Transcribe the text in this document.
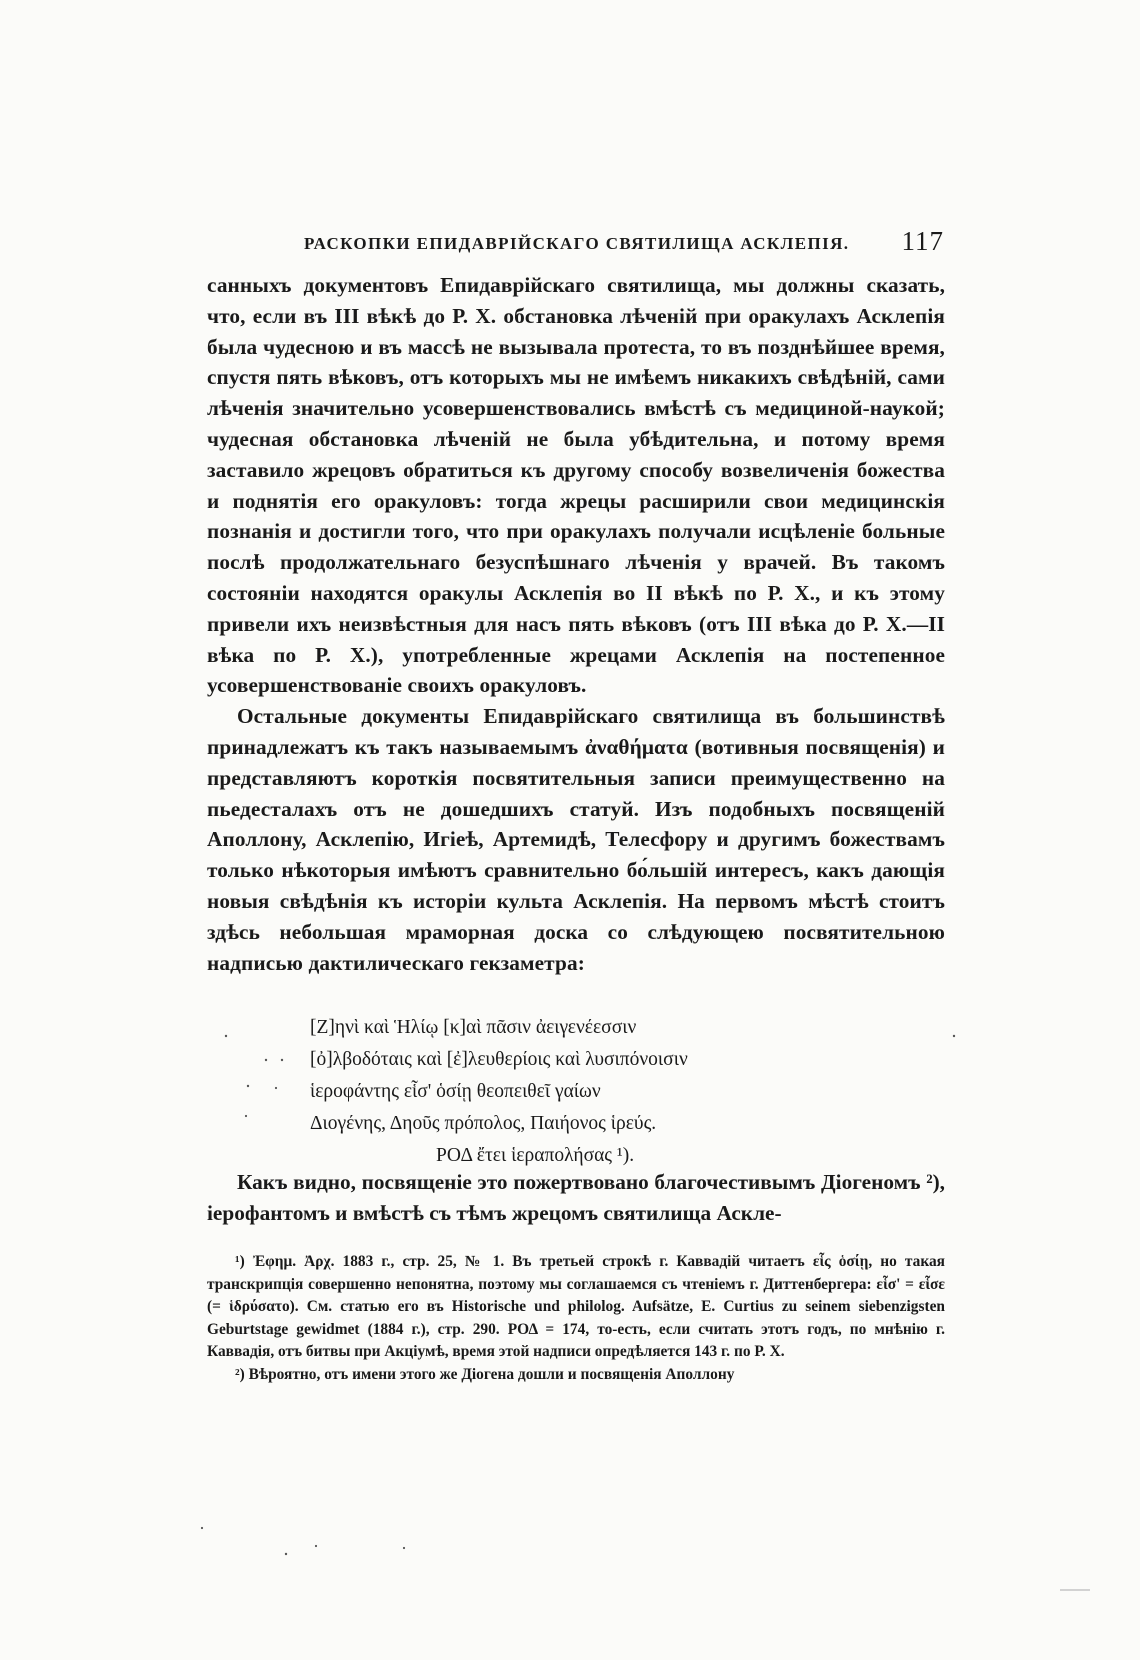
РАСКОПКИ ЕПИДАВРІЙСКАГО СВЯТИЛИЩА АСКЛЕПІЯ. 117

санныхъ документовъ Епидаврійскаго святилища, мы должны сказать, что, если въ III вѣкѣ до Р. X. обстановка лѣченій при оракулахъ Асклепія была чудесною и въ массѣ не вызывала протеста, то въ позднѣйшее время, спустя пять вѣковъ, отъ которыхъ мы не имѣемъ никакихъ свѣдѣній, сами лѣченія значительно усовершенствовались вмѣстѣ съ медициной-наукой; чудесная обстановка лѣченій не была убѣдительна, и потому время заставило жрецовъ обратиться къ другому способу возвеличенія божества и поднятія его оракуловъ: тогда жрецы расширили свои медицинскія познанія и достигли того, что при оракулахъ получали исцѣленіе больные послѣ продолжательнаго безуспѣшнаго лѣченія у врачей. Въ такомъ состояніи находятся оракулы Асклепія во II вѣкѣ по Р. X., и къ этому привели ихъ неизвѣстныя для насъ пять вѣковъ (отъ III вѣка до Р. X.—II вѣка по Р. X.), употребленные жрецами Асклепія на постепенное усовершенствованіе своихъ оракуловъ.

Остальные документы Епидаврійскаго святилища въ большинствѣ принадлежатъ къ такъ называемымъ ἀναθήματα (вотивныя посвященія) и представляютъ короткія посвятительныя записи преимущественно на пьедесталахъ отъ не дошедшихъ статуй. Изъ подобныхъ посвященій Аполлону, Асклепію, Игіеѣ, Артемидѣ, Телесфору и другимъ божествамъ только нѣкоторыя имѣютъ сравнительно бо́льшій интересъ, какъ дающія новыя свѣдѣнія къ исторіи культа Асклепія. На первомъ мѣстѣ стоитъ здѣсь небольшая мраморная доска со слѣдующею посвятительною надписью дактилическаго гекзаметра:

[Ζ]ηνὶ καὶ Ἡλίῳ [κ]αὶ πᾶσιν ἀειγενέεσσιν
[ὀ]λβοδόταις καὶ [ἐ]λευθερίοις καὶ λυσιπόνοισιν
ἱεροφάντης εἷσ' ὁσίῃ θεοπειθεῖ γαίων
Διογένης, Δηοῦς πρόπολος, Παιήονος ἱρεύς.
ΡΟΔ ἔτει ἱεραπολήσας ¹).

Какъ видно, посвященіе это пожертвовано благочестивымъ Діогеномъ ²), іерофантомъ и вмѣстѣ съ тѣмъ жрецомъ святилища Аскле-

¹) Ἐφημ. Ἀρχ. 1883 г., стр. 25, № 1. Въ третьей строкѣ г. Каввадій читаетъ εἷς ὁσίῃ, но такая транскрипція совершенно непонятна, поэтому мы соглашаемся съ чтеніемъ г. Диттенбергера: εἷσ' = εἷσε (= ἱδρύσατο). См. статью его въ Historische und philolog. Aufsätze, E. Curtius zu seinem siebenzigsten Geburtstage gewidmet (1884 г.), стр. 290. ΡΟΔ = 174, то-есть, если считать этотъ годъ, по мнѣнію г. Каввадія, отъ битвы при Акціумѣ, время этой надписи опредѣляется 143 г. по Р. X.

²) Вѣроятно, отъ имени этого же Діогена дошли и посвященія Аполлону
